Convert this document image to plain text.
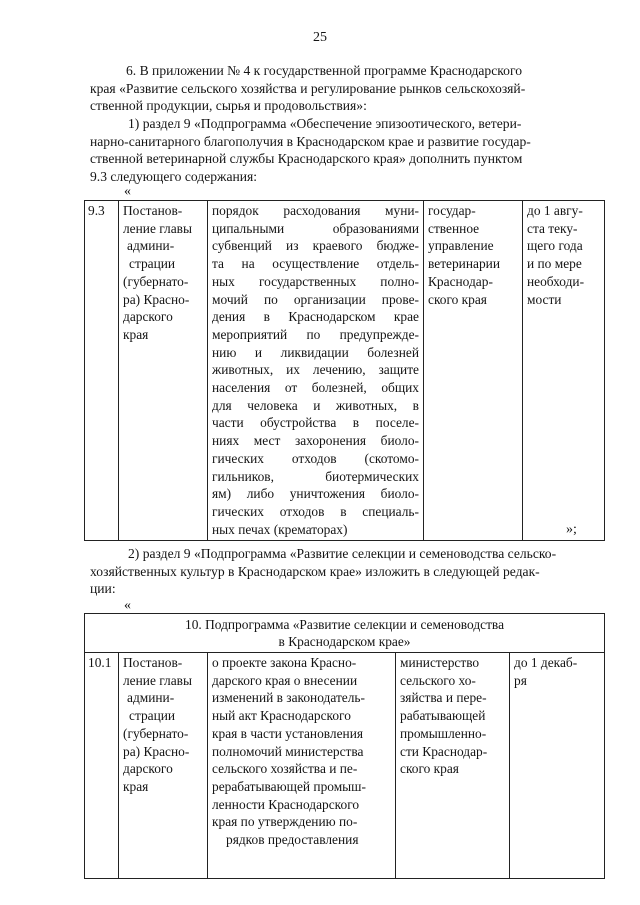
25
6. В приложении № 4 к государственной программе Краснодарского
края «Развитие сельского хозяйства и регулирование рынков сельскохозяй-
ственной продукции, сырья и продовольствия»:
1) раздел 9 «Подпрограмма «Обеспечение эпизоотического, ветери-
нарно-санитарного благополучия в Краснодарском крае и развитие государ-
ственной ветеринарной службы Краснодарского края» дополнить пунктом
9.3 следующего содержания:
«
9.3	Постанов-
ление главы
админи-
страции
(губернато-
ра) Красно-
дарского
края

порядок расходования муни-
ципальными образованиями
субвенций из краевого бюдже-
та на осуществление отдель-
ных государственных полно-
мочий по организации прове-
дения в Краснодарском крае
мероприятий по предупрежде-
нию и ликвидации болезней
животных, их лечению, защите
населения от болезней, общих
для человека и животных, в
части обустройства в поселе-
ниях мест захоронения биоло-
гических отходов (скотомо-
гильников, биотермических
ям) либо уничтожения биоло-
гических отходов в специаль-
ных печах (крематорах)

государ-
ственное
управление
ветеринарии
Краснодар-
ского края

до 1 авгу-
ста теку-
щего года
и по мере
необходи-
мости
»;
2) раздел 9 «Подпрограмма «Развитие селекции и семеноводства сельско-
хозяйственных культур в Краснодарском крае» изложить в следующей редак-
ции:
«
10. Подпрограмма «Развитие селекции и семеноводства
в Краснодарском крае»

10.1	Постанов-
ление главы
админи-
страции
(губернато-
ра) Красно-
дарского
края

о проекте закона Красно-
дарского края о внесении
изменений в законодатель-
ный акт Краснодарского
края в части установления
полномочий министерства
сельского хозяйства и пе-
рерабатывающей промыш-
ленности Краснодарского
края по утверждению по-
рядков предоставления

министерство
сельского хо-
зяйства и пере-
рабатывающей
промышленно-
сти Краснодар-
ского края

до 1 декаб-
ря
